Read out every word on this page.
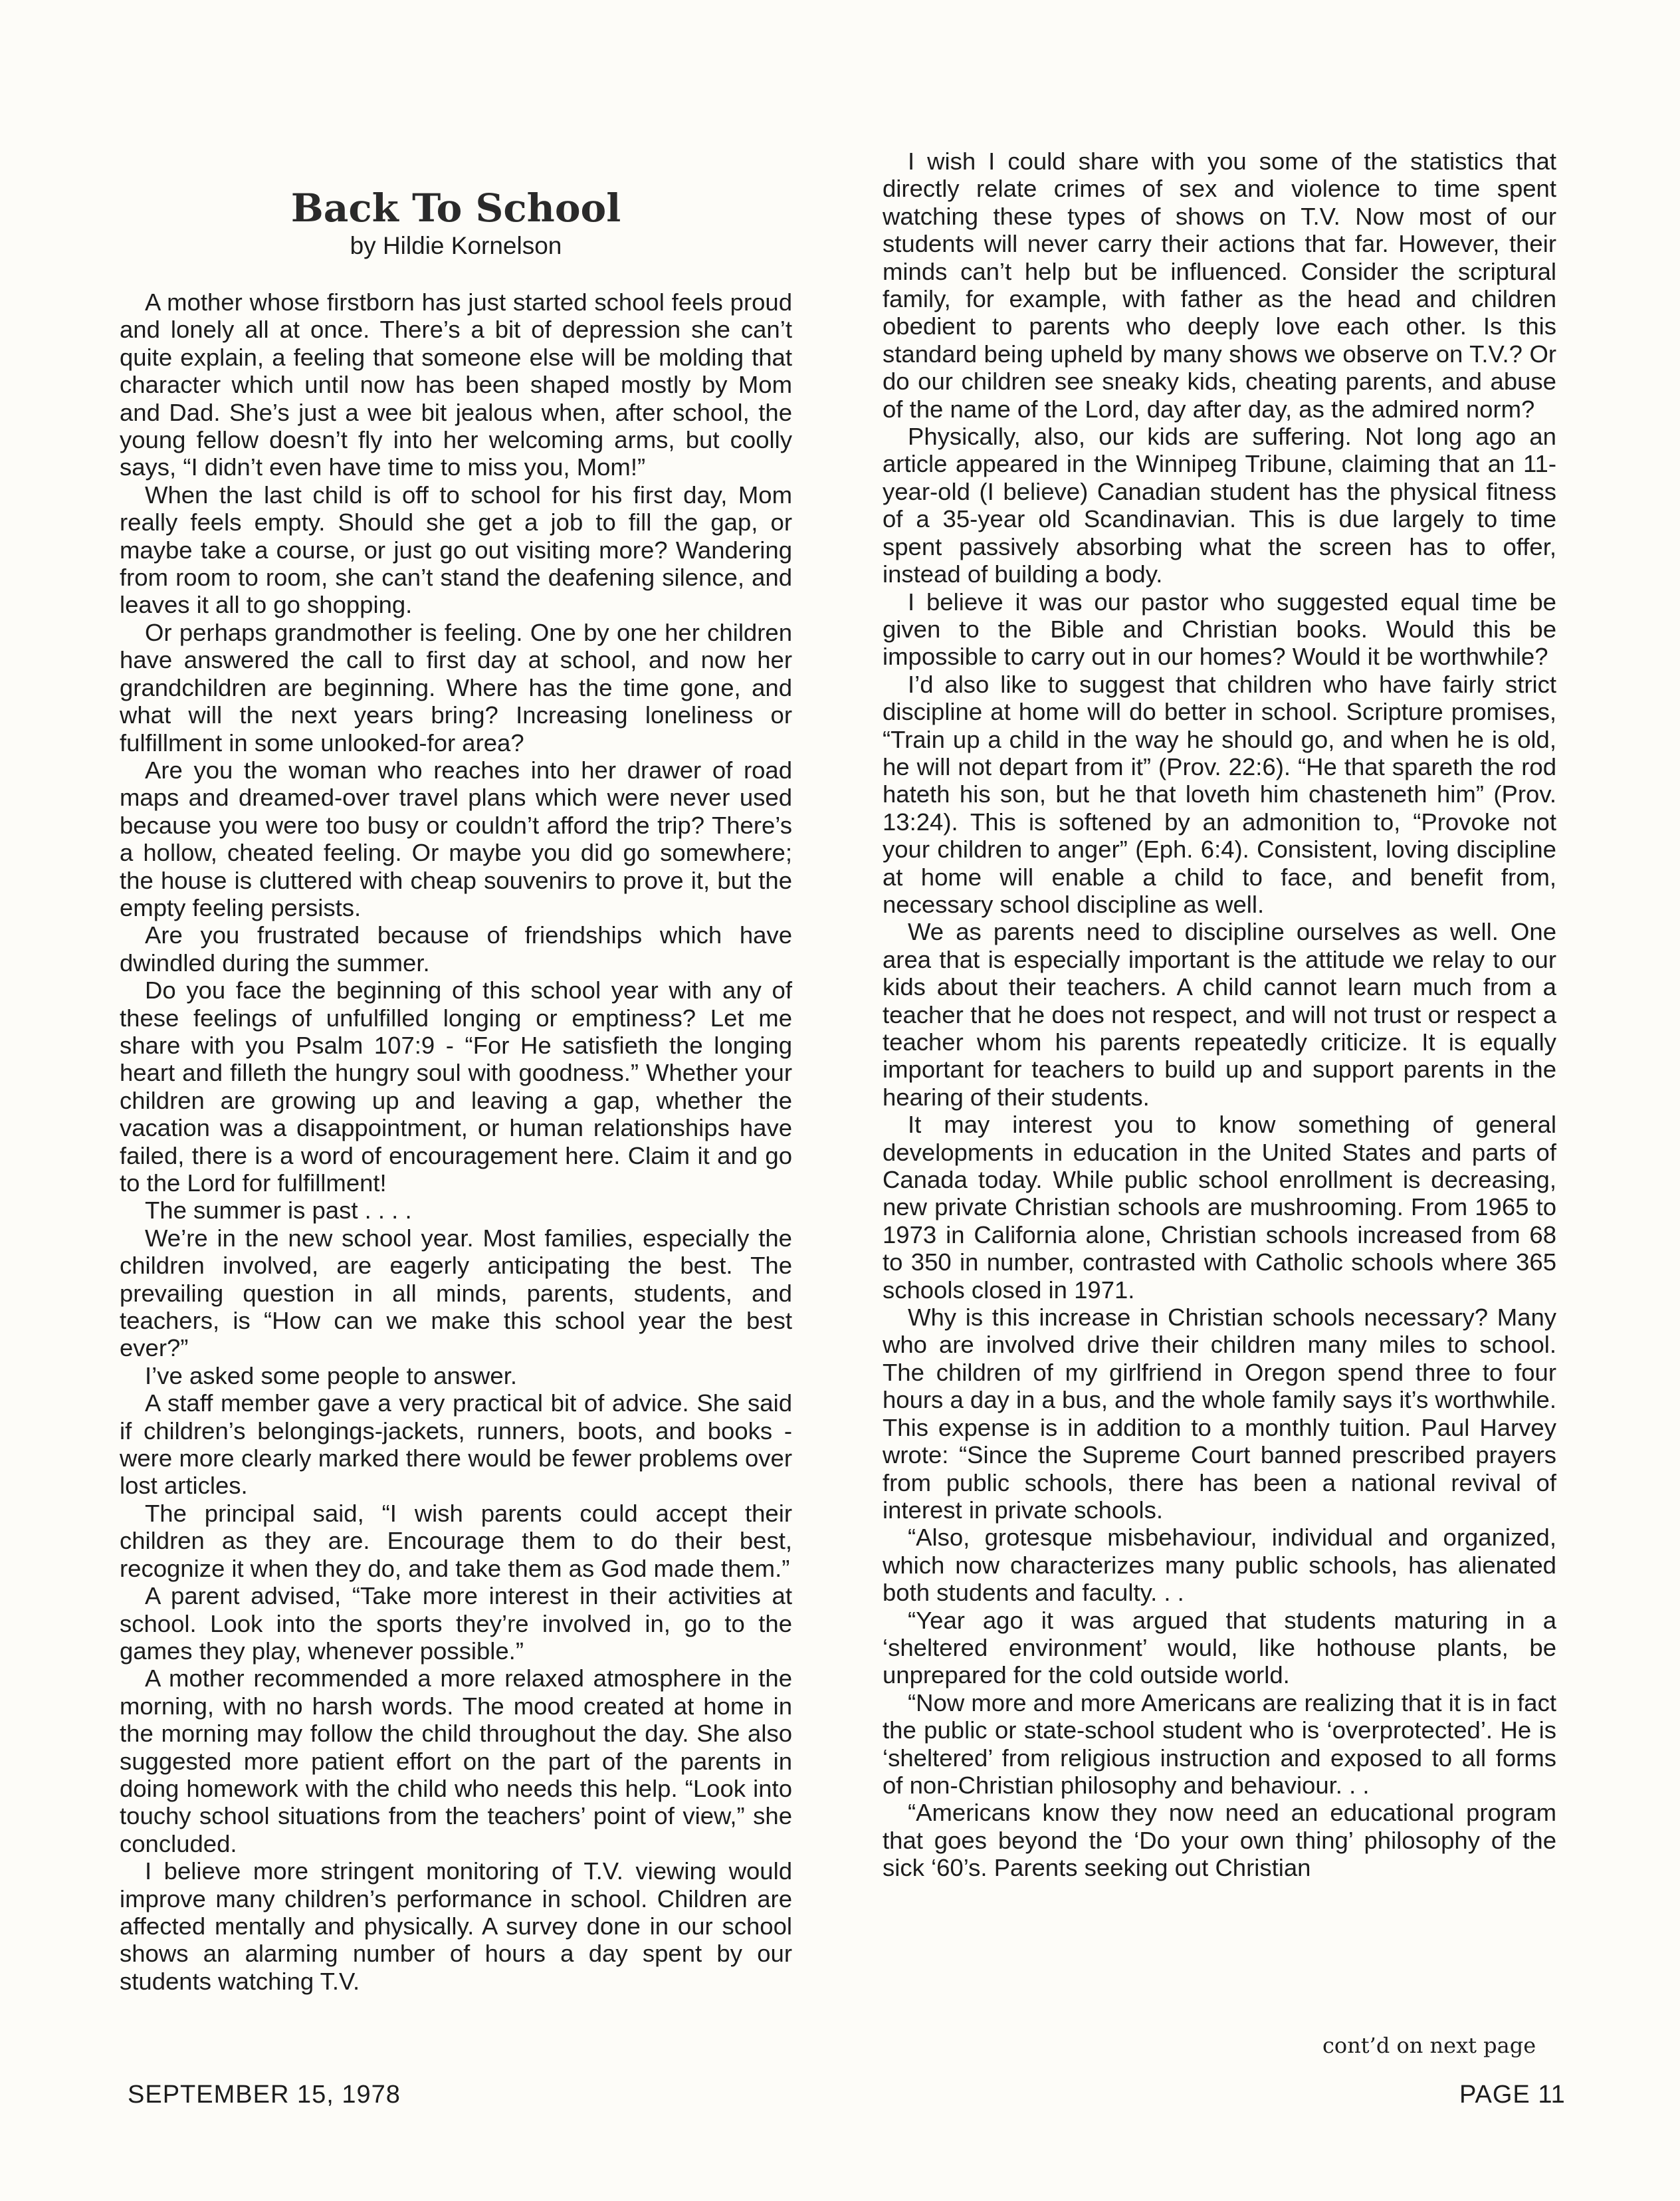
Back To School

by Hildie Kornelson

A mother whose firstborn has just started school feels proud and lonely all at once. There’s a bit of depression she can’t quite explain, a feeling that someone else will be molding that character which until now has been shaped mostly by Mom and Dad. She’s just a wee bit jealous when, after school, the young fellow doesn’t fly into her welcoming arms, but coolly says, “I didn’t even have time to miss you, Mom!”

When the last child is off to school for his first day, Mom really feels empty. Should she get a job to fill the gap, or maybe take a course, or just go out visiting more? Wandering from room to room, she can’t stand the deafening silence, and leaves it all to go shopping.

Or perhaps grandmother is feeling. One by one her children have answered the call to first day at school, and now her grandchildren are beginning. Where has the time gone, and what will the next years bring? Increasing loneliness or fulfillment in some unlooked-for area?

Are you the woman who reaches into her drawer of road maps and dreamed-over travel plans which were never used because you were too busy or couldn’t afford the trip? There’s a hollow, cheated feeling. Or maybe you did go somewhere; the house is cluttered with cheap souvenirs to prove it, but the empty feeling persists.

Are you frustrated because of friendships which have dwindled during the summer.

Do you face the beginning of this school year with any of these feelings of unfulfilled longing or emptiness? Let me share with you Psalm 107:9 - “For He satisfieth the longing heart and filleth the hungry soul with goodness.” Whether your children are growing up and leaving a gap, whether the vacation was a disappointment, or human relationships have failed, there is a word of encouragement here. Claim it and go to the Lord for fulfillment!

The summer is past . . . .

We’re in the new school year. Most families, especially the children involved, are eagerly anticipating the best. The prevailing question in all minds, parents, students, and teachers, is “How can we make this school year the best ever?”

I’ve asked some people to answer.

A staff member gave a very practical bit of advice. She said if children’s belongings-jackets, runners, boots, and books - were more clearly marked there would be fewer problems over lost articles.

The principal said, “I wish parents could accept their children as they are. Encourage them to do their best, recognize it when they do, and take them as God made them.”

A parent advised, “Take more interest in their activities at school. Look into the sports they’re involved in, go to the games they play, whenever possible.”

A mother recommended a more relaxed atmosphere in the morning, with no harsh words. The mood created at home in the morning may follow the child throughout the day. She also suggested more patient effort on the part of the parents in doing homework with the child who needs this help. “Look into touchy school situations from the teachers’ point of view,” she concluded.

I believe more stringent monitoring of T.V. viewing would improve many children’s performance in school. Children are affected mentally and physically. A survey done in our school shows an alarming number of hours a day spent by our students watching T.V.

I wish I could share with you some of the statistics that directly relate crimes of sex and violence to time spent watching these types of shows on T.V. Now most of our students will never carry their actions that far. However, their minds can’t help but be influenced. Consider the scriptural family, for example, with father as the head and children obedient to parents who deeply love each other. Is this standard being upheld by many shows we observe on T.V.? Or do our children see sneaky kids, cheating parents, and abuse of the name of the Lord, day after day, as the admired norm?

Physically, also, our kids are suffering. Not long ago an article appeared in the Winnipeg Tribune, claiming that an 11-year-old (I believe) Canadian student has the physical fitness of a 35-year old Scandinavian. This is due largely to time spent passively absorbing what the screen has to offer, instead of building a body.

I believe it was our pastor who suggested equal time be given to the Bible and Christian books. Would this be impossible to carry out in our homes? Would it be worthwhile?

I’d also like to suggest that children who have fairly strict discipline at home will do better in school. Scripture promises, “Train up a child in the way he should go, and when he is old, he will not depart from it” (Prov. 22:6). “He that spareth the rod hateth his son, but he that loveth him chasteneth him” (Prov. 13:24). This is softened by an admonition to, “Provoke not your children to anger” (Eph. 6:4). Consistent, loving discipline at home will enable a child to face, and benefit from, necessary school discipline as well.

We as parents need to discipline ourselves as well. One area that is especially important is the attitude we relay to our kids about their teachers. A child cannot learn much from a teacher that he does not respect, and will not trust or respect a teacher whom his parents repeatedly criticize. It is equally important for teachers to build up and support parents in the hearing of their students.

It may interest you to know something of general developments in education in the United States and parts of Canada today. While public school enrollment is decreasing, new private Christian schools are mushrooming. From 1965 to 1973 in California alone, Christian schools increased from 68 to 350 in number, contrasted with Catholic schools where 365 schools closed in 1971.

Why is this increase in Christian schools necessary? Many who are involved drive their children many miles to school. The children of my girlfriend in Oregon spend three to four hours a day in a bus, and the whole family says it’s worthwhile. This expense is in addition to a monthly tuition. Paul Harvey wrote: “Since the Supreme Court banned prescribed prayers from public schools, there has been a national revival of interest in private schools.

“Also, grotesque misbehaviour, individual and organized, which now characterizes many public schools, has alienated both students and faculty. . .

“Year ago it was argued that students maturing in a ‘sheltered environment’ would, like hothouse plants, be unprepared for the cold outside world.

“Now more and more Americans are realizing that it is in fact the public or state-school student who is ‘overprotected’. He is ‘sheltered’ from religious instruction and exposed to all forms of non-Christian philosophy and behaviour. . .

“Americans know they now need an educational program that goes beyond the ‘Do your own thing’ philosophy of the sick ‘60’s. Parents seeking out Christian

cont’d on next page
SEPTEMBER 15, 1978	PAGE 11
